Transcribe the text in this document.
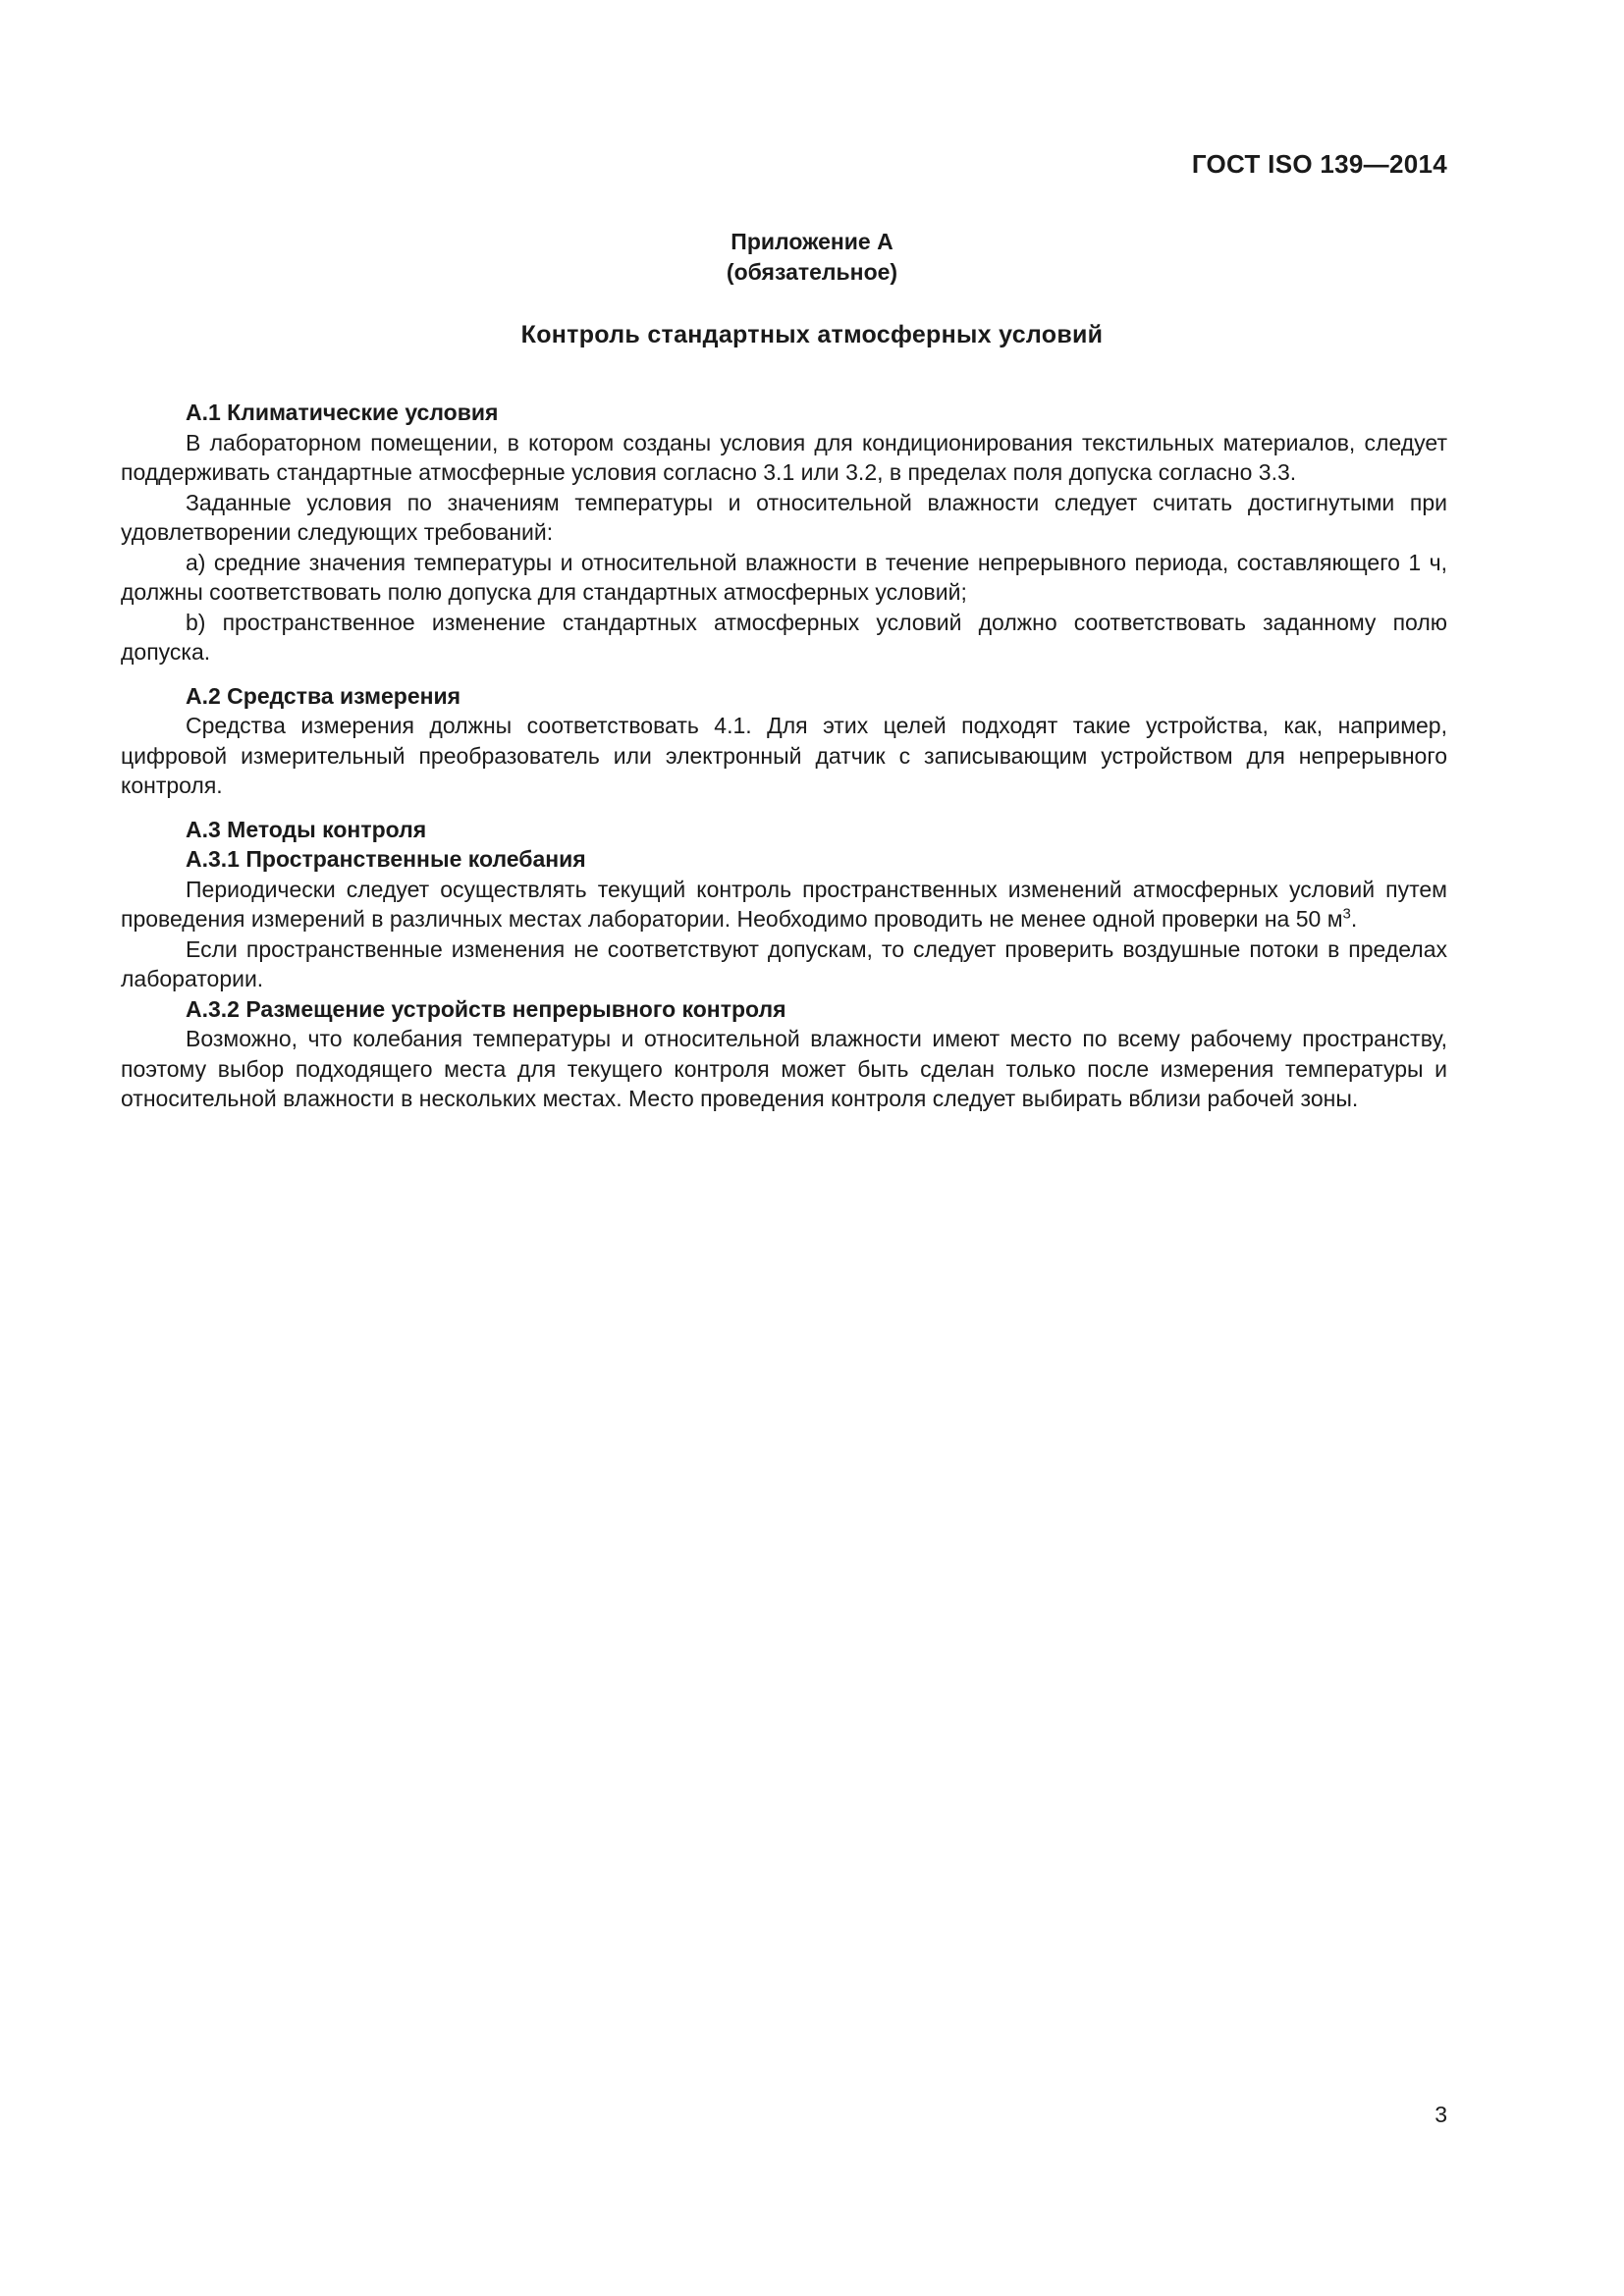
ГОСТ ISO 139—2014
Приложение А
(обязательное)
Контроль стандартных атмосферных условий
А.1 Климатические условия

В лабораторном помещении, в котором созданы условия для кондиционирования текстильных материалов, следует поддерживать стандартные атмосферные условия согласно 3.1 или 3.2, в пределах поля допуска согласно 3.3.

Заданные условия по значениям температуры и относительной влажности следует считать достигнутыми при удовлетворении следующих требований:

а) средние значения температуры и относительной влажности в течение непрерывного периода, составляющего 1 ч, должны соответствовать полю допуска для стандартных атмосферных условий;

b) пространственное изменение стандартных атмосферных условий должно соответствовать заданному полю допуска.

А.2 Средства измерения

Средства измерения должны соответствовать 4.1. Для этих целей подходят такие устройства, как, например, цифровой измерительный преобразователь или электронный датчик с записывающим устройством для непрерывного контроля.

А.3 Методы контроля
А.3.1 Пространственные колебания

Периодически следует осуществлять текущий контроль пространственных изменений атмосферных условий путем проведения измерений в различных местах лаборатории. Необходимо проводить не менее одной проверки на 50 $м^3$.

Если пространственные изменения не соответствуют допускам, то следует проверить воздушные потоки в пределах лаборатории.

А.3.2 Размещение устройств непрерывного контроля

Возможно, что колебания температуры и относительной влажности имеют место по всему рабочему пространству, поэтому выбор подходящего места для текущего контроля может быть сделан только после измерения температуры и относительной влажности в нескольких местах. Место проведения контроля следует выбирать вблизи рабочей зоны.

3
